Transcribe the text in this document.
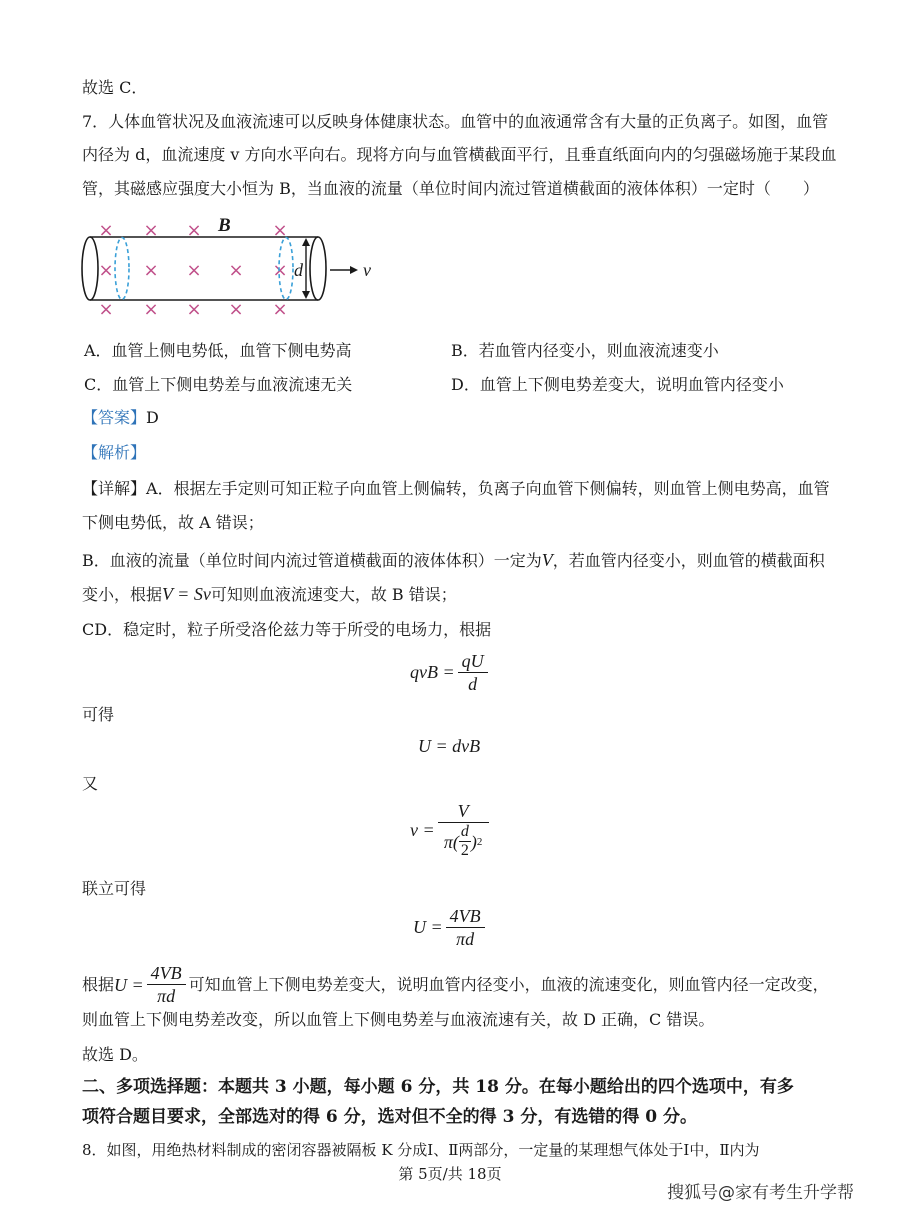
故选 C．
7．人体血管状况及血液流速可以反映身体健康状态。血管中的血液通常含有大量的正负离子。如图，血管
内径为 d，血流速度 v 方向水平向右。现将方向与血管横截面平行，且垂直纸面向内的匀强磁场施于某段血
管，其磁感应强度大小恒为 B，当血液的流量（单位时间内流过管道横截面的液体体积）一定时（　　）
× × ×	×
× × × × ×
× × × × ×
B
d	v
A．血管上侧电势低，血管下侧电势高	B．若血管内径变小，则血液流速变小
C．血管上下侧电势差与血液流速无关	D．血管上下侧电势差变大，说明血管内径变小
【答案】D
【解析】
【详解】A．根据左手定则可知正粒子向血管上侧偏转，负离子向血管下侧偏转，则血管上侧电势高，血管
下侧电势低，故 A 错误；
B．血液的流量（单位时间内流过管道横截面的液体体积）一定为V，若血管内径变小，则血管的横截面积
变小，根据V = Sv可知则血液流速变大，故 B 错误；
CD．稳定时，粒子所受洛伦兹力等于所受的电场力，根据
qvB = $\frac{qU}{d}$
可得
U = dvB
又
$v = \frac{V}{\pi( \frac{d}{2} ) 2}$
联立可得
$U = \frac{4VB}{\pi d}$
根据 $U = \frac{4VB}{\pi d}$ 可知血管上下侧电势差变大，说明血管内径变小，血液的流速变化，则血管内径一定改变，
则血管上下侧电势差改变，所以血管上下侧电势差与血液流速有关，故 D 正确，C 错误。
故选 D。
二、多项选择题：本题共 3 小题，每小题 6 分，共 18 分。在每小题给出的四个选项中，有多
项符合题目要求，全部选对的得 6 分，选对但不全的得 3 分，有选错的得 0 分。
8．如图，用绝热材料制成的密闭容器被隔板 K 分成Ⅰ、Ⅱ两部分，一定量的某理想气体处于Ⅰ中，Ⅱ内为
第 5页/共 18页
搜狐号@家有考生升学帮
